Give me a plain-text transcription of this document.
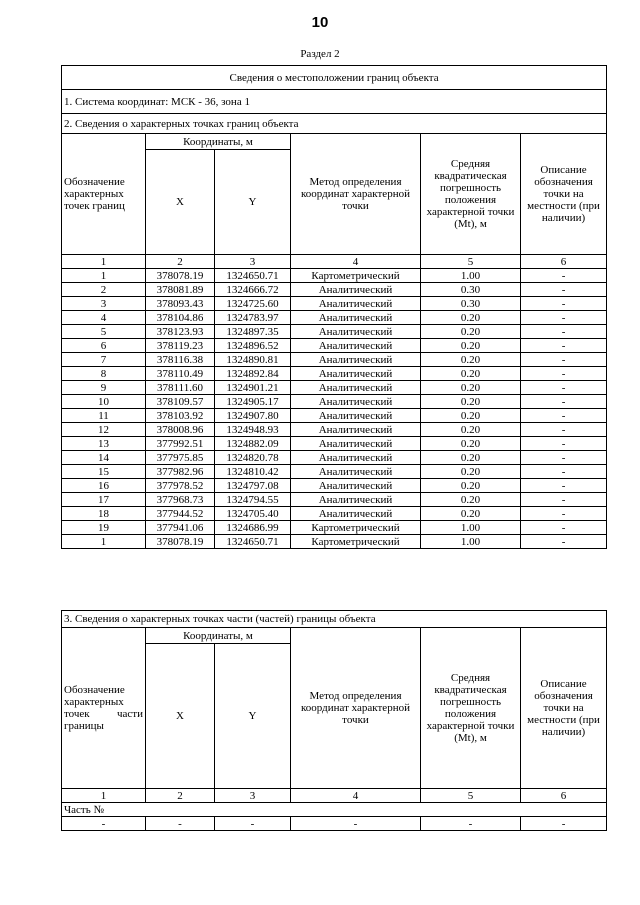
10
Раздел 2
Сведения о местоположении границ объекта					
1. Система координат: МСК - 36, зона 1					
2. Сведения о характерных точках границ объекта					
Обозначение характерных точек границ	Координаты, м		Метод определения координат характерной точки	Средняя квадратическая погрешность положения характерной точки (Mt), м	Описание обозначения точки на местности (при наличии)
	X	Y			
1	2	3	4	5	6
1	378078.19	1324650.71	Картометрический	1.00	-
2	378081.89	1324666.72	Аналитический	0.30	-
3	378093.43	1324725.60	Аналитический	0.30	-
4	378104.86	1324783.97	Аналитический	0.20	-
5	378123.93	1324897.35	Аналитический	0.20	-
6	378119.23	1324896.52	Аналитический	0.20	-
7	378116.38	1324890.81	Аналитический	0.20	-
8	378110.49	1324892.84	Аналитический	0.20	-
9	378111.60	1324901.21	Аналитический	0.20	-
10	378109.57	1324905.17	Аналитический	0.20	-
11	378103.92	1324907.80	Аналитический	0.20	-
12	378008.96	1324948.93	Аналитический	0.20	-
13	377992.51	1324882.09	Аналитический	0.20	-
14	377975.85	1324820.78	Аналитический	0.20	-
15	377982.96	1324810.42	Аналитический	0.20	-
16	377978.52	1324797.08	Аналитический	0.20	-
17	377968.73	1324794.55	Аналитический	0.20	-
18	377944.52	1324705.40	Аналитический	0.20	-
19	377941.06	1324686.99	Картометрический	1.00	-
1	378078.19	1324650.71	Картометрический	1.00	-
3. Сведения о характерных точках части (частей) границы объекта					
Обозначение характерных точек части границы	Координаты, м		Метод определения координат характерной точки	Средняя квадратическая погрешность положения характерной точки (Mt), м	Описание обозначения точки на местности (при наличии)
	X	Y			
1	2	3	4	5	6
Часть №					
-	-	-	-	-	-
